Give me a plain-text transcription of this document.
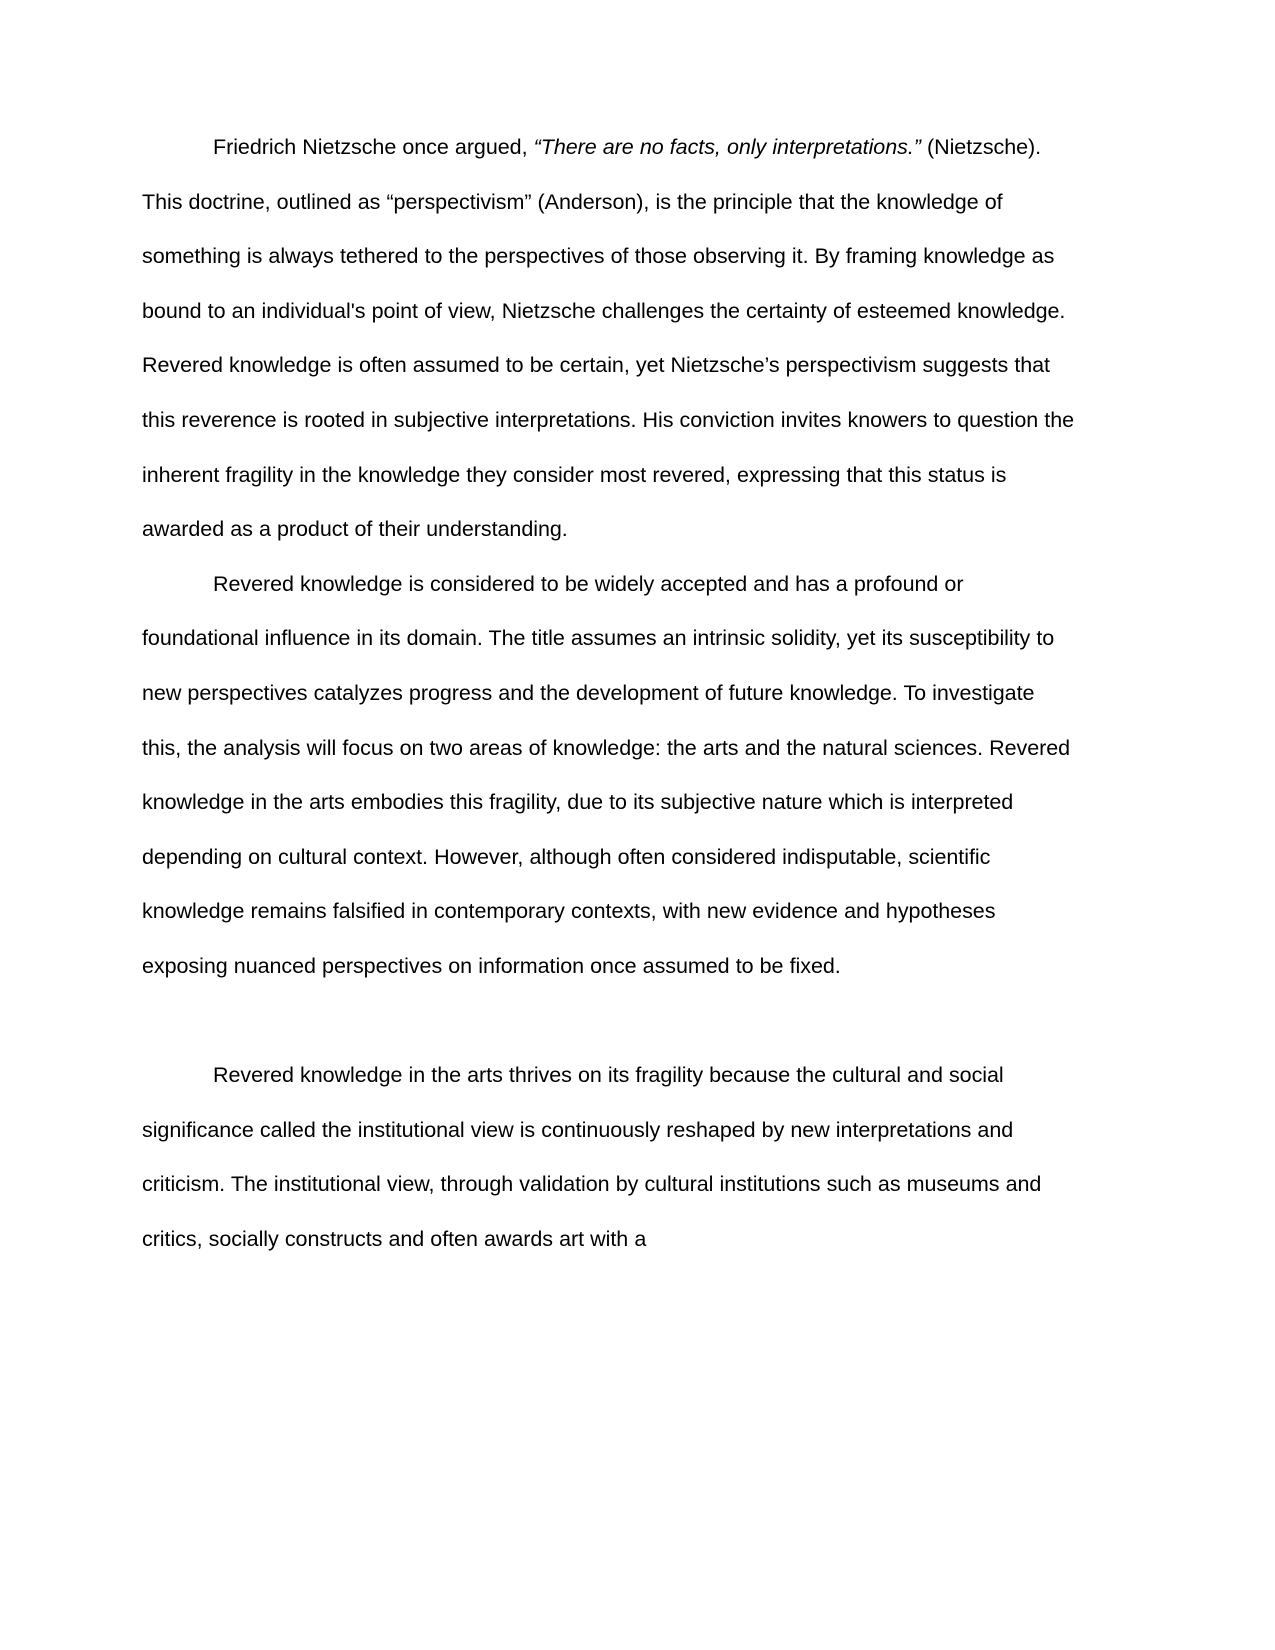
Friedrich Nietzsche once argued, “There are no facts, only interpretations.” (Nietzsche). This doctrine, outlined as “perspectivism” (Anderson), is the principle that the knowledge of something is always tethered to the perspectives of those observing it. By framing knowledge as bound to an individual's point of view, Nietzsche challenges the certainty of esteemed knowledge. Revered knowledge is often assumed to be certain, yet Nietzsche’s perspectivism suggests that this reverence is rooted in subjective interpretations. His conviction invites knowers to question the inherent fragility in the knowledge they consider most revered, expressing that this status is awarded as a product of their understanding.

Revered knowledge is considered to be widely accepted and has a profound or foundational influence in its domain. The title assumes an intrinsic solidity, yet its susceptibility to new perspectives catalyzes progress and the development of future knowledge. To investigate this, the analysis will focus on two areas of knowledge: the arts and the natural sciences. Revered knowledge in the arts embodies this fragility, due to its subjective nature which is interpreted depending on cultural context. However, although often considered indisputable, scientific knowledge remains falsified in contemporary contexts, with new evidence and hypotheses exposing nuanced perspectives on information once assumed to be fixed.

Revered knowledge in the arts thrives on its fragility because the cultural and social significance called the institutional view is continuously reshaped by new interpretations and criticism. The institutional view, through validation by cultural institutions such as museums and critics, socially constructs and often awards art with a
